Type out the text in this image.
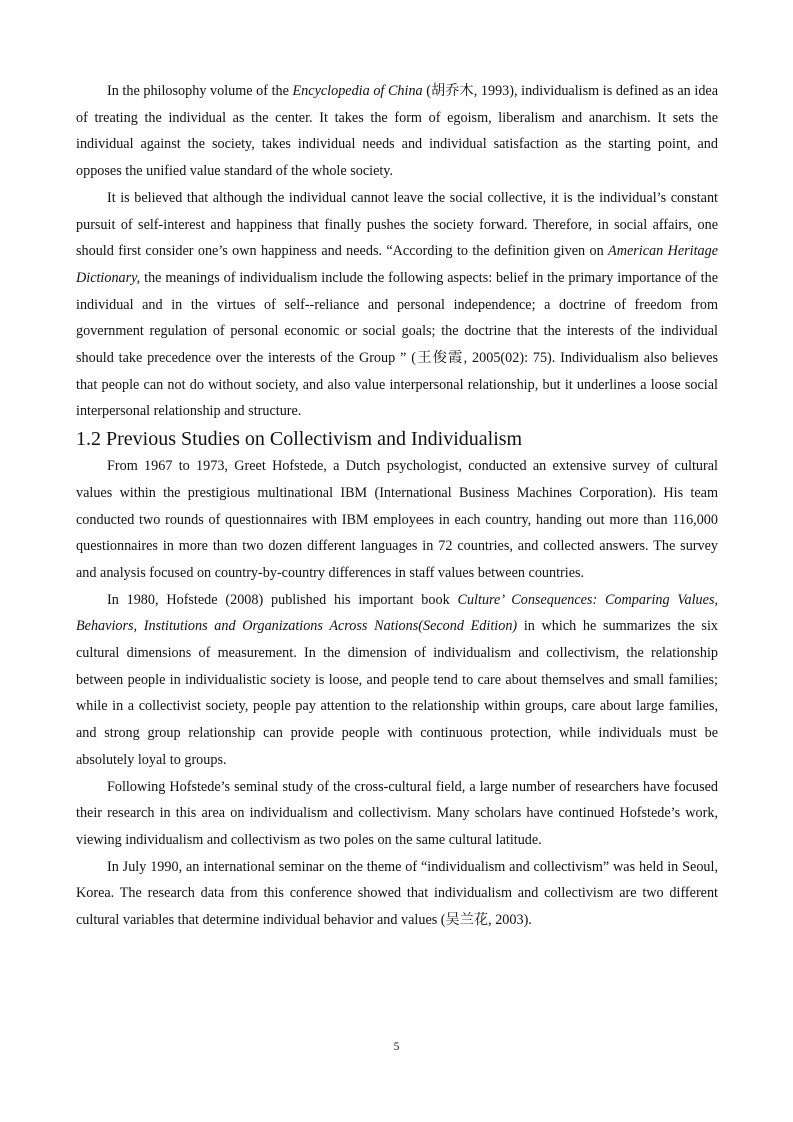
In the philosophy volume of the Encyclopedia of China (胡乔木, 1993), individualism is defined as an idea of treating the individual as the center. It takes the form of egoism, liberalism and anarchism. It sets the individual against the society, takes individual needs and individual satisfaction as the starting point, and opposes the unified value standard of the whole society.

It is believed that although the individual cannot leave the social collective, it is the individual’s constant pursuit of self-interest and happiness that finally pushes the society forward. Therefore, in social affairs, one should first consider one’s own happiness and needs. “According to the definition given on American Heritage Dictionary, the meanings of individualism include the following aspects: belief in the primary importance of the individual and in the virtues of self--reliance and personal independence; a doctrine of freedom from government regulation of personal economic or social goals; the doctrine that the interests of the individual should take precedence over the interests of the Group ” (王俊霞, 2005(02): 75). Individualism also believes that people can not do without society, and also value interpersonal relationship, but it underlines a loose social interpersonal relationship and structure.

1.2 Previous Studies on Collectivism and Individualism

From 1967 to 1973, Greet Hofstede, a Dutch psychologist, conducted an extensive survey of cultural values within the prestigious multinational IBM (International Business Machines Corporation). His team conducted two rounds of questionnaires with IBM employees in each country, handing out more than 116,000 questionnaires in more than two dozen different languages in 72 countries, and collected answers. The survey and analysis focused on country-by-country differences in staff values between countries.

In 1980, Hofstede (2008) published his important book Culture’ Consequences: Comparing Values, Behaviors, Institutions and Organizations Across Nations(Second Edition) in which he summarizes the six cultural dimensions of measurement. In the dimension of individualism and collectivism, the relationship between people in individualistic society is loose, and people tend to care about themselves and small families; while in a collectivist society, people pay attention to the relationship within groups, care about large families, and strong group relationship can provide people with continuous protection, while individuals must be absolutely loyal to groups.

Following Hofstede’s seminal study of the cross-cultural field, a large number of researchers have focused their research in this area on individualism and collectivism. Many scholars have continued Hofstede’s work, viewing individualism and collectivism as two poles on the same cultural latitude.

In July 1990, an international seminar on the theme of “individualism and collectivism” was held in Seoul, Korea. The research data from this conference showed that individualism and collectivism are two different cultural variables that determine individual behavior and values (吴兰花, 2003).

5
